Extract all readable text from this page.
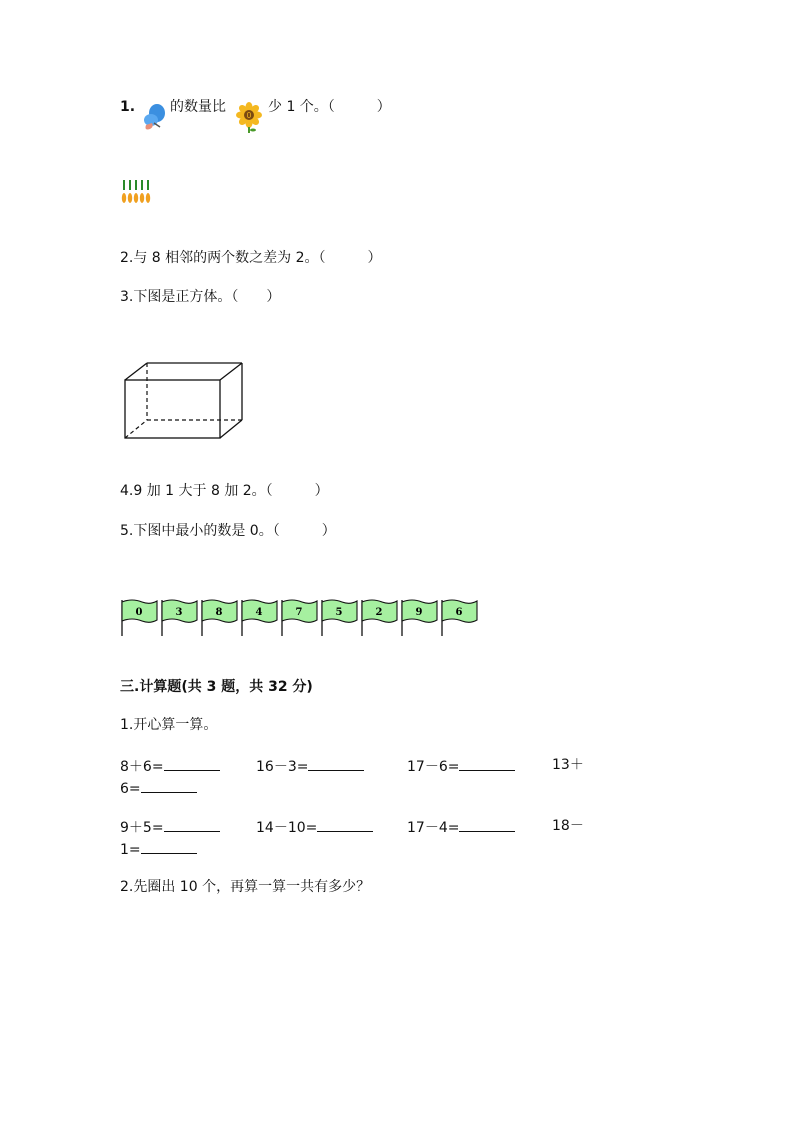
1. 的数量比
0
少 1 个。（　　　）
2.与 8 相邻的两个数之差为 2。（　　　）
3.下图是正方体。（　　）
4.9 加 1 大于 8 加 2。（　　　）
5.下图中最小的数是 0。（　　　）
0	3	8	4	7	5	2	9	6
三.计算题(共 3 题，共 32 分)
1.开心算一算。
8＋6=	16－3=	17－6=	13＋
6=
9＋5=	14－10=	17－4=	18－
1=
2.先圈出 10 个，再算一算一共有多少？
